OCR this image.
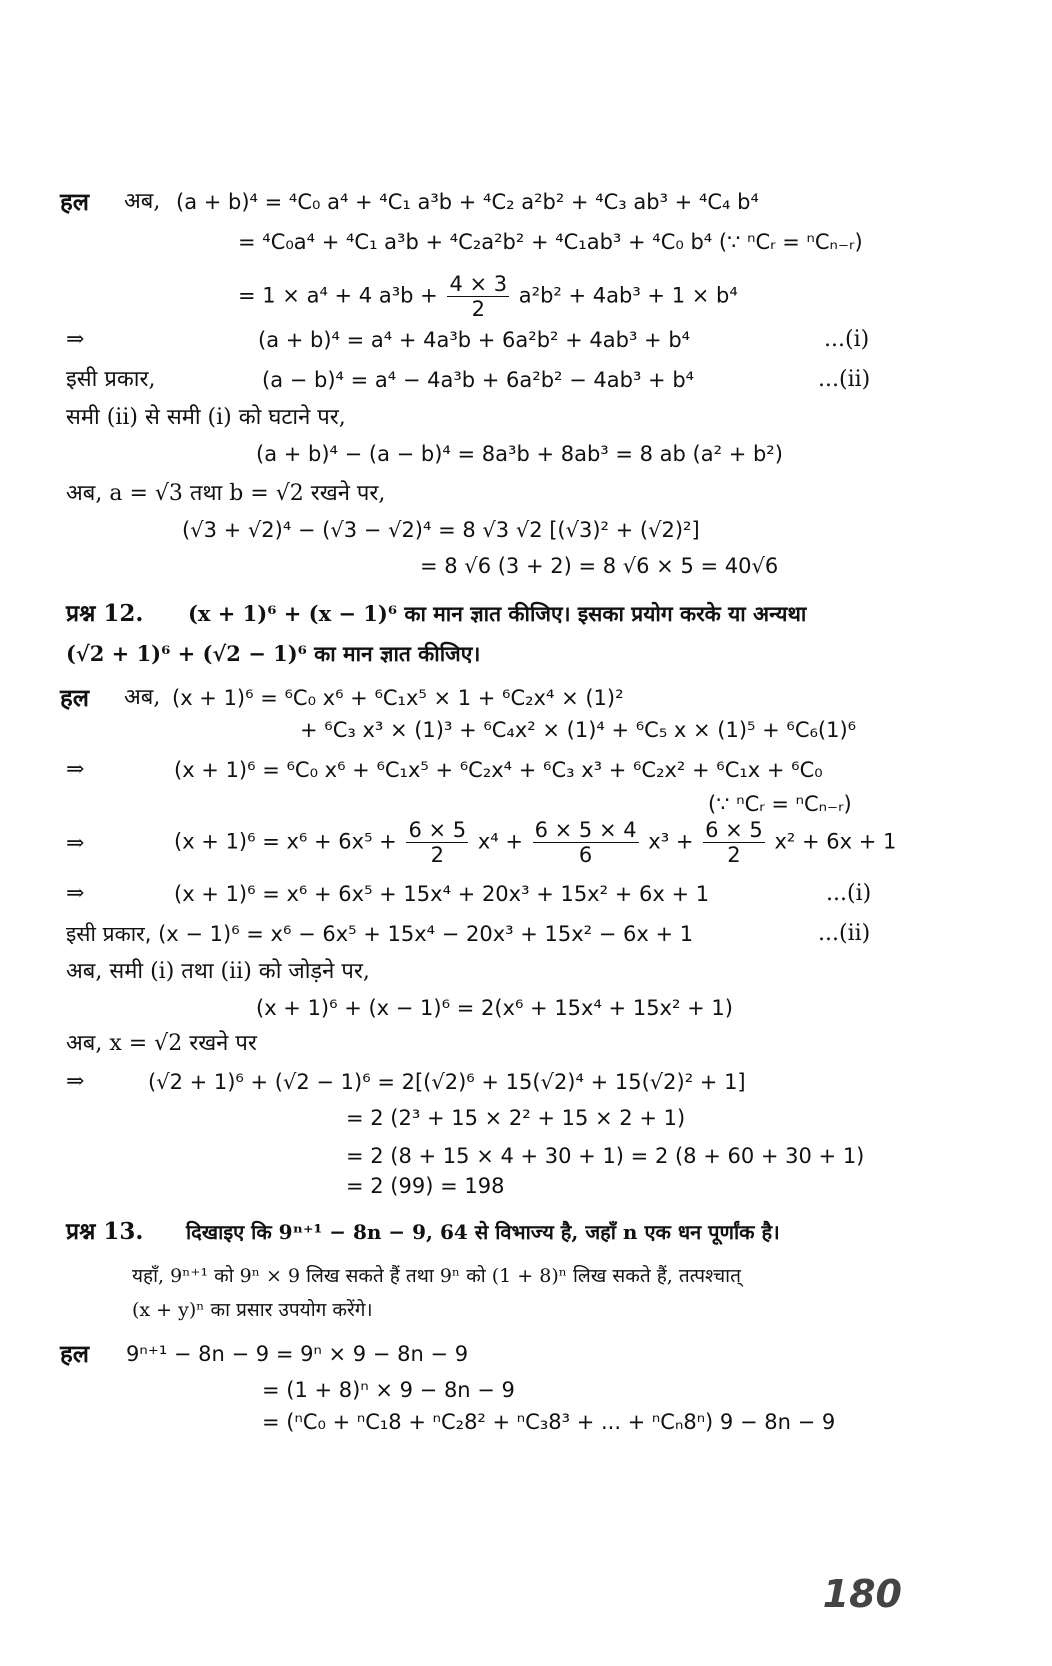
हल अब, (a + b)⁴ = ⁴C₀ a⁴ + ⁴C₁ a³b + ⁴C₂ a²b² + ⁴C₃ ab³ + ⁴C₄ b⁴
= ⁴C₀a⁴ + ⁴C₁ a³b + ⁴C₂a²b² + ⁴C₁ab³ + ⁴C₀ b⁴ (∵ ⁿCᵣ = ⁿCₙ₋ᵣ)
= 1 × a⁴ + 4 $a^3b + \frac{4 \times 3}{2} a^2b^2 + 4ab^3 + 1 \times b^4$
⇒	(a + b)⁴ = a⁴ + 4a³b + 6a²b² + 4ab³ + b⁴	...(i)
इसी प्रकार,	(a − b)⁴ = a⁴ − 4a³b + 6a²b² − 4ab³ + b⁴	...(ii)
समी (ii) से समी (i) को घटाने पर,
(a + b)⁴ − (a − b)⁴ = 8a³b + 8ab³ = 8 ab (a² + b²)
अब, a = √3 तथा b = √2 रखने पर,
(√3 + √2)⁴ − (√3 − √2)⁴ = 8 √3 √2 [(√3)² + (√2)²]
= 8 √6 (3 + 2) = 8 √6 × 5 = 40√6
प्रश्न 12. (x + 1)⁶ + (x − 1)⁶ का मान ज्ञात कीजिए। इसका प्रयोग करके या अन्यथा
(√2 + 1)⁶ + (√2 − 1)⁶ का मान ज्ञात कीजिए।
हल अब, (x + 1)⁶ = ⁶C₀ x⁶ + ⁶C₁x⁵ × 1 + ⁶C₂x⁴ × (1)²
+ ⁶C₃ x³ × (1)³ + ⁶C₄x² × (1)⁴ + ⁶C₅ x × (1)⁵ + ⁶C₆(1)⁶
⇒	(x + 1)⁶ = ⁶C₀ x⁶ + ⁶C₁x⁵ + ⁶C₂x⁴ + ⁶C₃ x³ + ⁶C₂x² + ⁶C₁x + ⁶C₀
(∵ ⁿCᵣ = ⁿCₙ₋ᵣ)
⇒	$(x + 1)^6 = x^6 + 6x^5 + \frac{6 \times 5}{2} x^4 + \frac{6 \times 5 \times 4}{6} x^3 + \frac{6 \times 5}{2} x^2 + 6x + 1$
⇒	(x + 1)⁶ = x⁶ + 6x⁵ + 15x⁴ + 20x³ + 15x² + 6x + 1	...(i)
इसी प्रकार, (x − 1)⁶ = x⁶ − 6x⁵ + 15x⁴ − 20x³ + 15x² − 6x + 1	...(ii)
अब, समी (i) तथा (ii) को जोड़ने पर,
(x + 1)⁶ + (x − 1)⁶ = 2(x⁶ + 15x⁴ + 15x² + 1)
अब, x = √2 रखने पर
⇒	(√2 + 1)⁶ + (√2 − 1)⁶ = 2[(√2)⁶ + 15(√2)⁴ + 15(√2)² + 1]
= 2 (2³ + 15 × 2² + 15 × 2 + 1)
= 2 (8 + 15 × 4 + 30 + 1) = 2 (8 + 60 + 30 + 1)
= 2 (99) = 198
प्रश्न 13. दिखाइए कि 9ⁿ⁺¹ − 8n − 9, 64 से विभाज्य है, जहाँ n एक धन पूर्णांक है।
यहाँ, 9ⁿ⁺¹ को 9ⁿ × 9 लिख सकते हैं तथा 9ⁿ को (1 + 8)ⁿ लिख सकते हैं, तत्पश्चात्
(x + y)ⁿ का प्रसार उपयोग करेंगे।
हल 9ⁿ⁺¹ − 8n − 9 = 9ⁿ × 9 − 8n − 9
= (1 + 8)ⁿ × 9 − 8n − 9
= (ⁿC₀ + ⁿC₁8 + ⁿC₂8² + ⁿC₃8³ + ... + ⁿCₙ8ⁿ) 9 − 8n − 9
180
